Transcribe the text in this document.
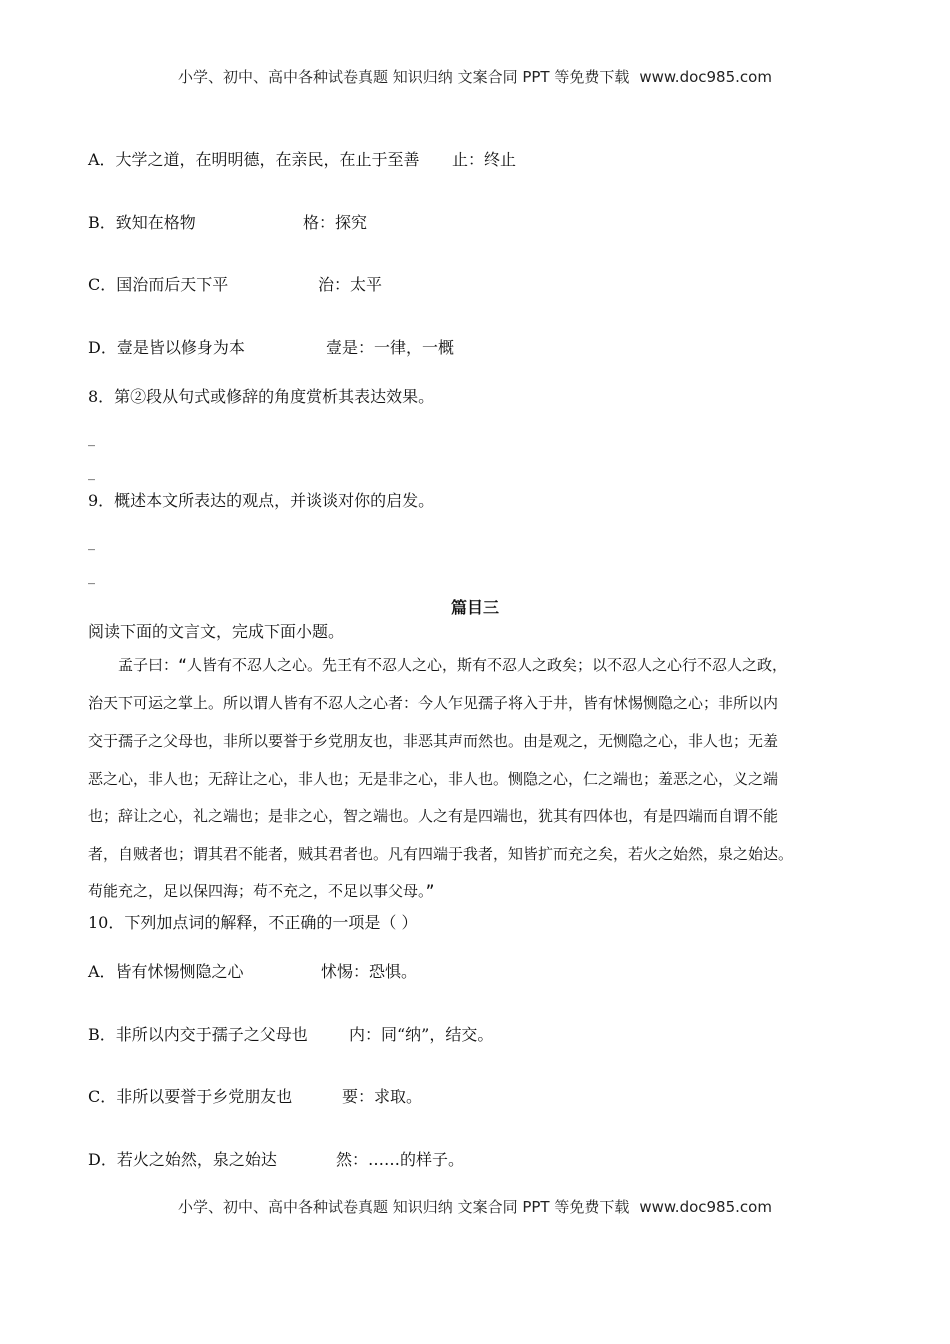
小学、初中、高中各种试卷真题 知识归纳 文案合同 PPT 等免费下载 www.doc985.com
A．大学之道，在明明德，在亲民，在止于至善 止：终止
B．致知在格物	格：探究
C．国治而后天下平	治：太平
D．壹是皆以修身为本	壹是：一律，一概
8．第②段从句式或修辞的角度赏析其表达效果。
_
_
9．概述本文所表达的观点，并谈谈对你的启发。
_
_
篇目三
阅读下面的文言文，完成下面小题。
孟子曰：“人皆有不忍人之心。先王有不忍人之心，斯有不忍人之政矣；以不忍人之心行不忍人之政，
治天下可运之掌上。所以谓人皆有不忍人之心者：今人乍见孺子将入于井，皆有怵惕恻隐之心；非所以内
交于孺子之父母也，非所以要誉于乡党朋友也，非恶其声而然也。由是观之，无恻隐之心，非人也；无羞
恶之心，非人也；无辞让之心，非人也；无是非之心，非人也。恻隐之心，仁之端也；羞恶之心，义之端
也；辞让之心，礼之端也；是非之心，智之端也。人之有是四端也，犹其有四体也，有是四端而自谓不能
者，自贼者也；谓其君不能者，贼其君者也。凡有四端于我者，知皆扩而充之矣，若火之始然，泉之始达。
苟能充之，足以保四海；苟不充之，不足以事父母。”
10．下列加点词的解释，不正确的一项是（ ）
A．皆有怵惕恻隐之心	怵惕：恐惧。
B．非所以内交于孺子之父母也	内：同“纳”，结交。
C．非所以要誉于乡党朋友也	要：求取。
D．若火之始然，泉之始达	然：……的样子。
小学、初中、高中各种试卷真题 知识归纳 文案合同 PPT 等免费下载 www.doc985.com
